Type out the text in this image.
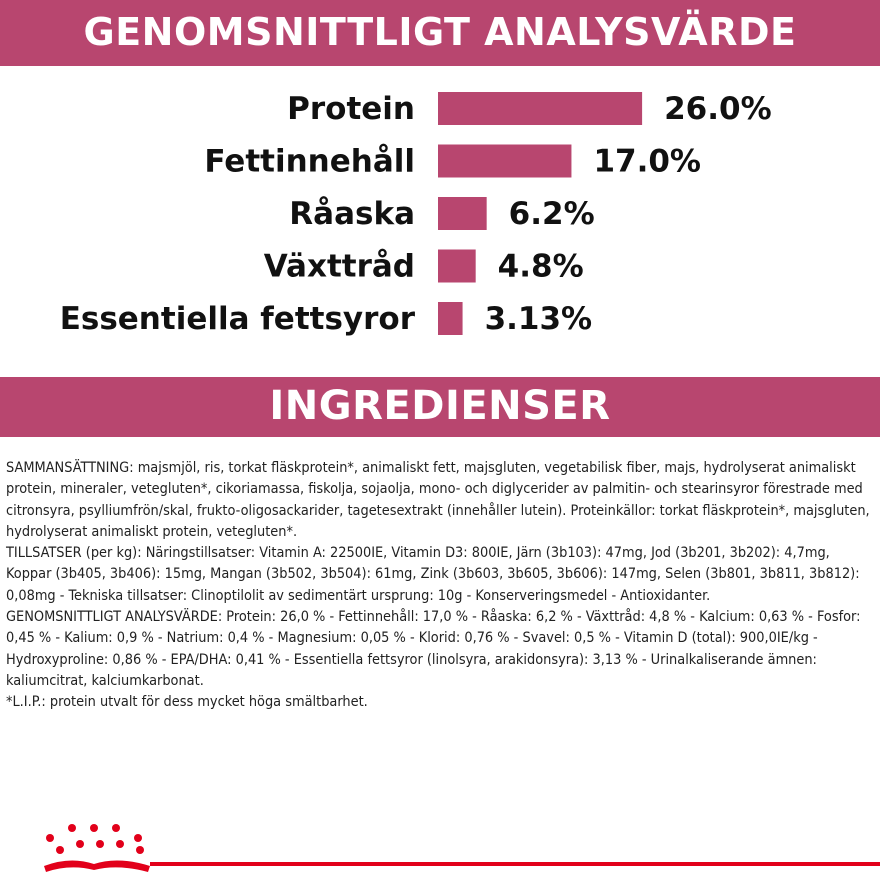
GENOMSNITTLIGT ANALYSVÄRDE
Protein	26.0%
Fettinnehåll	17.0%
Råaska	6.2%
Växttråd	4.8%
Essentiella fettsyror 3.13%
INGREDIENSER

SAMMANSÄTTNING: majsmjöl, ris, torkat fläskprotein*, animaliskt fett, majsgluten, vegetabilisk fiber, majs, hydrolyserat animaliskt protein, mineraler, vetegluten*, cikoriamassa, fiskolja, sojaolja, mono- och diglycerider av palmitin- och stearinsyror förestrade med citronsyra, psylliumfrön/skal, frukto-oligosackarider, tagetesextrakt (innehåller lutein). Proteinkällor: torkat fläskprotein*, majsgluten, hydrolyserat animaliskt protein, vetegluten*.

TILLSATSER (per kg): Näringstillsatser: Vitamin A: 22500IE, Vitamin D3: 800IE, Järn (3b103): 47mg, Jod (3b201, 3b202): 4,7mg, Koppar (3b405, 3b406): 15mg, Mangan (3b502, 3b504): 61mg, Zink (3b603, 3b605, 3b606): 147mg, Selen (3b801, 3b811, 3b812): 0,08mg - Tekniska tillsatser: Clinoptilolit av sedimentärt ursprung: 10g - Konserveringsmedel - Antioxidanter.

GENOMSNITTLIGT ANALYSVÄRDE: Protein: 26,0 % - Fettinnehåll: 17,0 % - Råaska: 6,2 % - Växttråd: 4,8 % - Kalcium: 0,63 % - Fosfor: 0,45 % - Kalium: 0,9 % - Natrium: 0,4 % - Magnesium: 0,05 % - Klorid: 0,76 % - Svavel: 0,5 % - Vitamin D (total): 900,0IE/kg - Hydroxyproline: 0,86 % - EPA/DHA: 0,41 % - Essentiella fettsyror (linolsyra, arakidonsyra): 3,13 % - Urinalkaliserande ämnen: kaliumcitrat, kalciumkarbonat.

*L.I.P.: protein utvalt för dess mycket höga smältbarhet.
